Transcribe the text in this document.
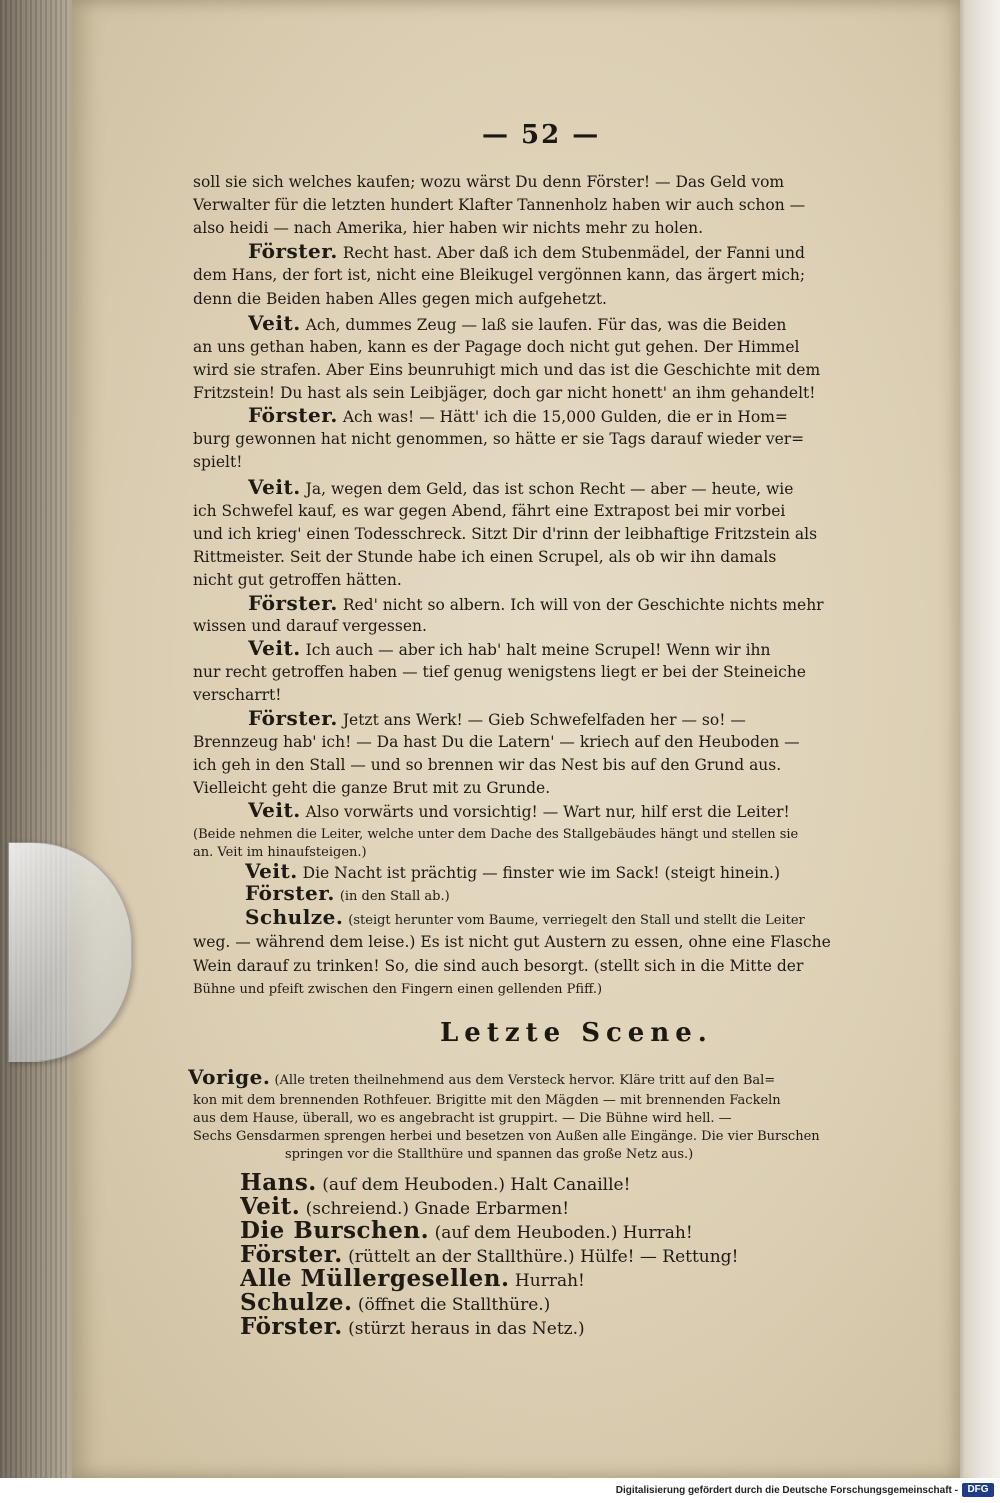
— 52 —
soll sie sich welches kaufen; wozu wärst Du denn Förster! — Das Geld vom
Verwalter für die letzten hundert Klafter Tannenholz haben wir auch schon —
also heidi — nach Amerika, hier haben wir nichts mehr zu holen.
Förster. Recht hast. Aber daß ich dem Stubenmädel, der Fanni und
dem Hans, der fort ist, nicht eine Bleikugel vergönnen kann, das ärgert mich;
denn die Beiden haben Alles gegen mich aufgehetzt.
Veit. Ach, dummes Zeug — laß sie laufen. Für das, was die Beiden
an uns gethan haben, kann es der Pagage doch nicht gut gehen. Der Himmel
wird sie strafen. Aber Eins beunruhigt mich und das ist die Geschichte mit dem
Fritzstein! Du hast als sein Leibjäger, doch gar nicht honett' an ihm gehandelt!
Förster. Ach was! — Hätt' ich die 15,000 Gulden, die er in Hom=
burg gewonnen hat nicht genommen, so hätte er sie Tags darauf wieder ver=
spielt!
Veit. Ja, wegen dem Geld, das ist schon Recht — aber — heute, wie
ich Schwefel kauf, es war gegen Abend, fährt eine Extrapost bei mir vorbei
und ich krieg' einen Todesschreck. Sitzt Dir d'rinn der leibhaftige Fritzstein als
Rittmeister. Seit der Stunde habe ich einen Scrupel, als ob wir ihn damals
nicht gut getroffen hätten.
Förster. Red' nicht so albern. Ich will von der Geschichte nichts mehr
wissen und darauf vergessen.
Veit. Ich auch — aber ich hab' halt meine Scrupel! Wenn wir ihn
nur recht getroffen haben — tief genug wenigstens liegt er bei der Steineiche
verscharrt!
Förster. Jetzt ans Werk! — Gieb Schwefelfaden her — so! —
Brennzeug hab' ich! — Da hast Du die Latern' — kriech auf den Heuboden —
ich geh in den Stall — und so brennen wir das Nest bis auf den Grund aus.
Vielleicht geht die ganze Brut mit zu Grunde.
Veit. Also vorwärts und vorsichtig! — Wart nur, hilf erst die Leiter!
(Beide nehmen die Leiter, welche unter dem Dache des Stallgebäudes hängt und stellen sie
an. Veit im hinaufsteigen.)
Veit. Die Nacht ist prächtig — finster wie im Sack! (steigt hinein.)
Förster. (in den Stall ab.)
Schulze. (steigt herunter vom Baume, verriegelt den Stall und stellt die Leiter
weg. — während dem leise.) Es ist nicht gut Austern zu essen, ohne eine Flasche
Wein darauf zu trinken! So, die sind auch besorgt. (stellt sich in die Mitte der
Bühne und pfeift zwischen den Fingern einen gellenden Pfiff.)
Letzte Scene.
Vorige. (Alle treten theilnehmend aus dem Versteck hervor. Kläre tritt auf den Bal=
kon mit dem brennenden Rothfeuer. Brigitte mit den Mägden — mit brennenden Fackeln
aus dem Hause, überall, wo es angebracht ist gruppirt. — Die Bühne wird hell. —
Sechs Gensdarmen sprengen herbei und besetzen von Außen alle Eingänge. Die vier Burschen
springen vor die Stallthüre und spannen das große Netz aus.)
Hans. (auf dem Heuboden.) Halt Canaille!
Veit. (schreiend.) Gnade Erbarmen!
Die Burschen. (auf dem Heuboden.) Hurrah!
Förster. (rüttelt an der Stallthüre.) Hülfe! — Rettung!
Alle Müllergesellen. Hurrah!
Schulze. (öffnet die Stallthüre.)
Förster. (stürzt heraus in das Netz.)
Digitalisierung gefördert durch die Deutsche Forschungsgemeinschaft - DFG
